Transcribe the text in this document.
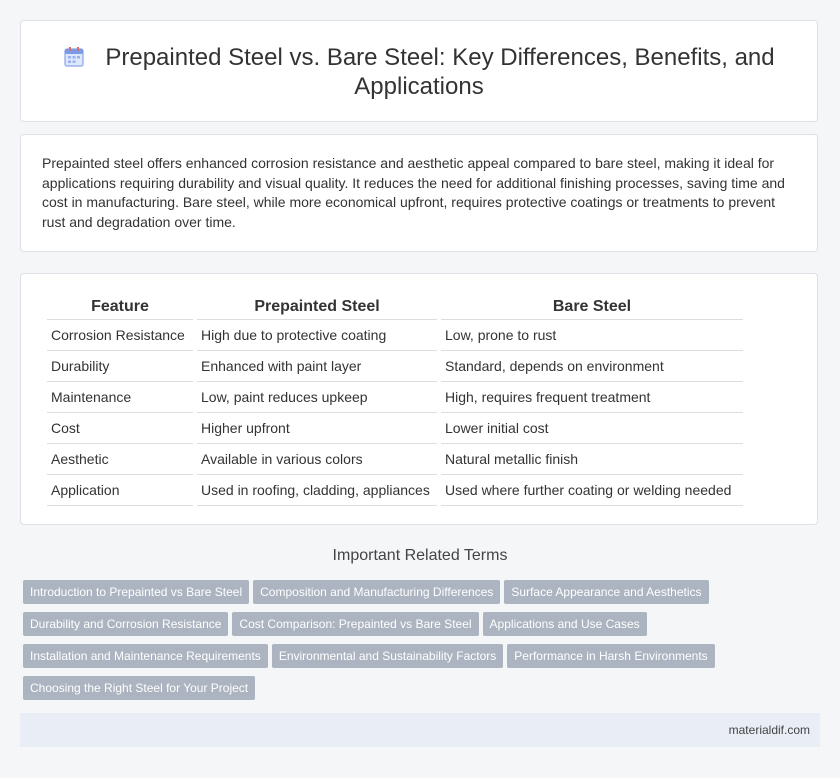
Prepainted Steel vs. Bare Steel: Key Differences, Benefits, and Applications
Prepainted steel offers enhanced corrosion resistance and aesthetic appeal compared to bare steel, making it ideal for applications requiring durability and visual quality. It reduces the need for additional finishing processes, saving time and cost in manufacturing. Bare steel, while more economical upfront, requires protective coatings or treatments to prevent rust and degradation over time.
Feature	Prepainted Steel	Bare Steel
Corrosion Resistance	High due to protective coating	Low, prone to rust
Durability	Enhanced with paint layer	Standard, depends on environment
Maintenance	Low, paint reduces upkeep	High, requires frequent treatment
Cost	Higher upfront	Lower initial cost
Aesthetic	Available in various colors	Natural metallic finish
Application	Used in roofing, cladding, appliances	Used where further coating or welding needed
Important Related Terms
Introduction to Prepainted vs Bare Steel Composition and Manufacturing Differences Surface Appearance and Aesthetics
Durability and Corrosion Resistance Cost Comparison: Prepainted vs Bare Steel Applications and Use Cases
Installation and Maintenance Requirements Environmental and Sustainability Factors Performance in Harsh Environments
Choosing the Right Steel for Your Project
materialdif.com
